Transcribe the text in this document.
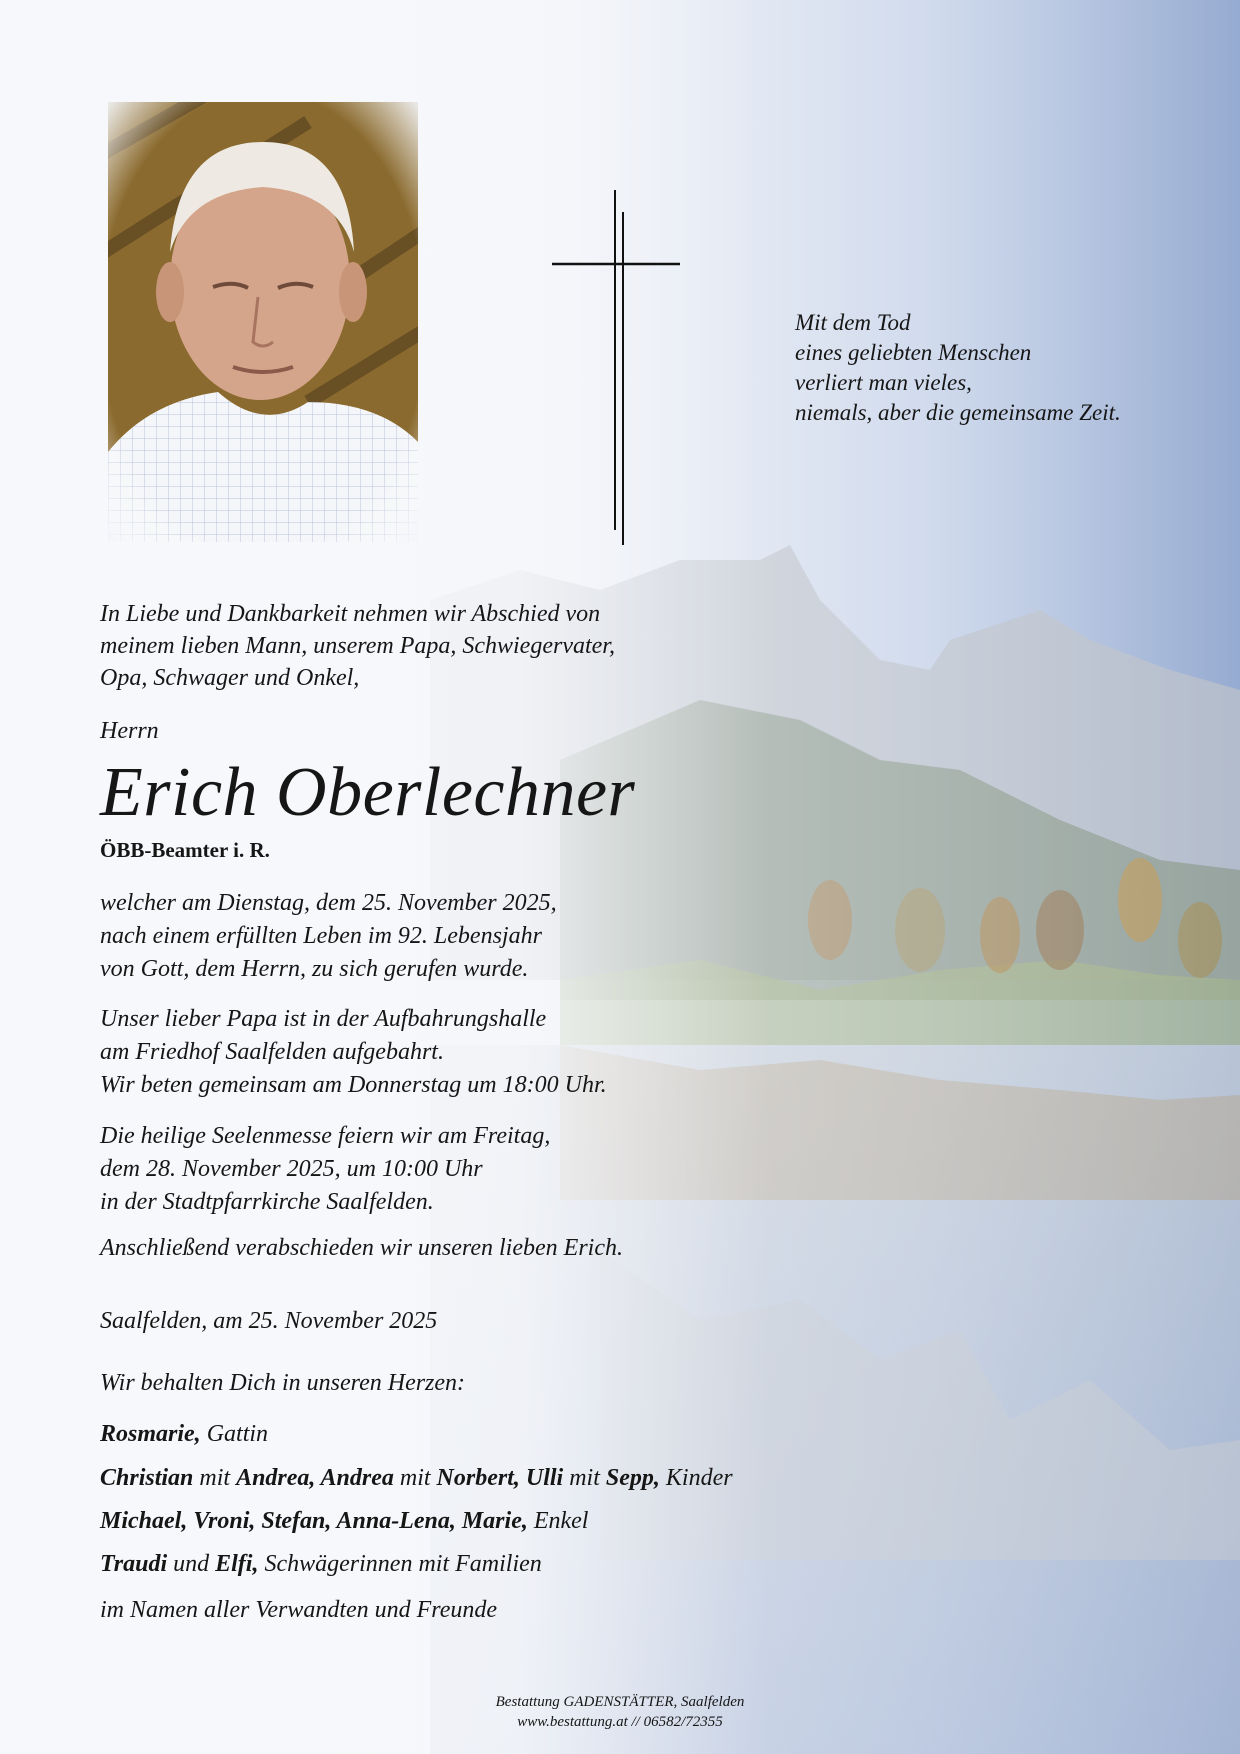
Mit dem Tod
eines geliebten Menschen
verliert man vieles,
niemals, aber die gemeinsame Zeit.
In Liebe und Dankbarkeit nehmen wir Abschied von
meinem lieben Mann, unserem Papa, Schwiegervater,
Opa, Schwager und Onkel,
Herrn
Erich Oberlechner
ÖBB-Beamter i. R.
welcher am Dienstag, dem 25. November 2025,
nach einem erfüllten Leben im 92. Lebensjahr
von Gott, dem Herrn, zu sich gerufen wurde.
Unser lieber Papa ist in der Aufbahrungshalle
am Friedhof Saalfelden aufgebahrt.
Wir beten gemeinsam am Donnerstag um 18:00 Uhr.
Die heilige Seelenmesse feiern wir am Freitag,
dem 28. November 2025, um 10:00 Uhr
in der Stadtpfarrkirche Saalfelden.
Anschließend verabschieden wir unseren lieben Erich.
Saalfelden, am 25. November 2025
Wir behalten Dich in unseren Herzen:
Rosmarie, Gattin
Christian mit Andrea, Andrea mit Norbert, Ulli mit Sepp, Kinder
Michael, Vroni, Stefan, Anna-Lena, Marie, Enkel
Traudi und Elfi, Schwägerinnen mit Familien
im Namen aller Verwandten und Freunde
Bestattung GADENSTÄTTER, Saalfelden
www.bestattung.at // 06582/72355
